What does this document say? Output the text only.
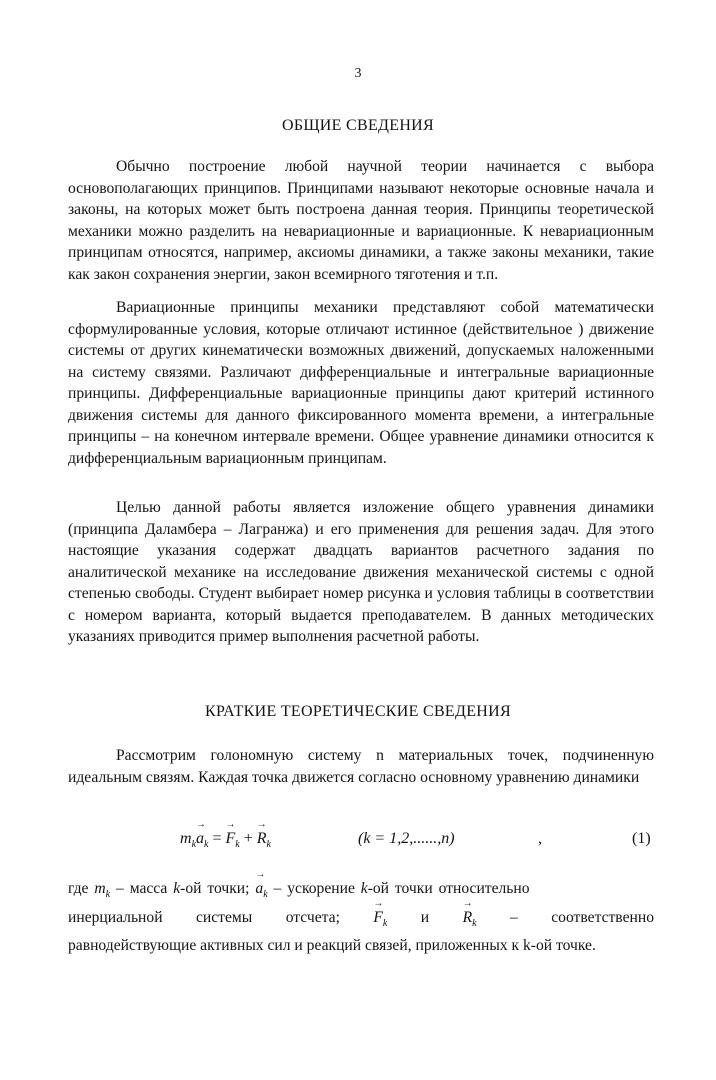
3
ОБЩИЕ СВЕДЕНИЯ

Обычно построение любой научной теории начинается с выбора основополагающих принципов. Принципами называют некоторые основные начала и законы, на которых может быть построена данная теория. Принципы теоретической механики можно разделить на невариационные и вариационные. К невариационным принципам относятся, например, аксиомы динамики, а также законы механики, такие как закон сохранения энергии, закон всемирного тяготения и т.п.

Вариационные принципы механики представляют собой математически сформулированные условия, которые отличают истинное (действительное ) движение системы от других кинематически возможных движений, допускаемых наложенными на систему связями. Различают дифференциальные и интегральные вариационные принципы. Дифференциальные вариационные принципы дают критерий истинного движения системы для данного фиксированного момента времени, а интегральные принципы – на конечном интервале времени. Общее уравнение динамики относится к дифференциальным вариационным принципам.

Целью данной работы является изложение общего уравнения динамики (принципа Даламбера – Лагранжа) и его применения для решения задач. Для этого настоящие указания содержат двадцать вариантов расчетного задания по аналитической механике на исследование движения механической системы с одной степенью свободы. Студент выбирает номер рисунка и условия таблицы в соответствии с номером варианта, который выдается преподавателем. В данных методических указаниях приводится пример выполнения расчетной работы.

КРАТКИЕ ТЕОРЕТИЧЕСКИЕ СВЕДЕНИЯ

Рассмотрим голономную систему n материальных точек, подчиненную идеальным связям. Каждая точка движется согласно основному уравнению динамики

$m_k\to a_k$ = → $F_k$ + → $R_k$	(k = 1,2,......,n)	,	(1)
где $m_k$ – масса k-ой точки; → $a_k$ – ускорение k-ой точки относительно
инерциальной системы отсчета;
→ $F_k$ и
→ $R_k$ – соответственно

равнодействующие активных сил и реакций связей, приложенных к k-ой точке.
